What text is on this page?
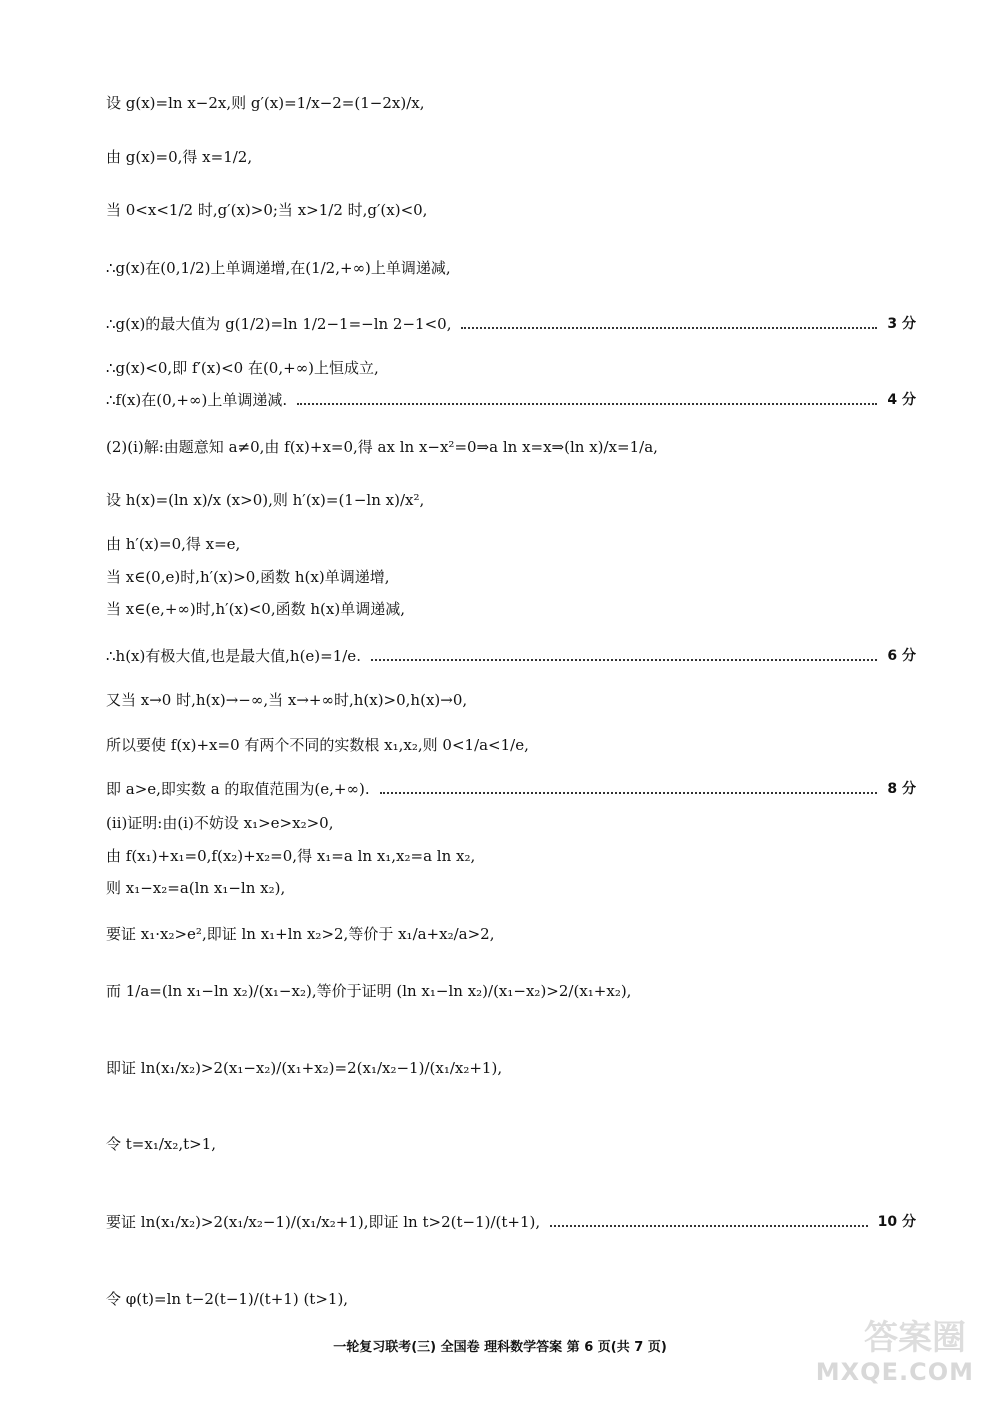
设 g(x)=ln x−2x,则 g′(x)=1/x−2=(1−2x)/x,
由 g(x)=0,得 x=1/2,
当 0<x<1/2 时,g′(x)>0;当 x>1/2 时,g′(x)<0,
∴g(x)在(0,1/2)上单调递增,在(1/2,+∞)上单调递减,
∴g(x)的最大值为 g(1/2)=ln 1/2−1=−ln 2−1<0,	3 分
∴g(x)<0,即 f′(x)<0 在(0,+∞)上恒成立,
∴f(x)在(0,+∞)上单调递减.	4 分
(2)(ⅰ)解:由题意知 a≠0,由 f(x)+x=0,得 ax ln x−x²=0⇒a ln x=x⇒(ln x)/x=1/a,
设 h(x)=(ln x)/x (x>0),则 h′(x)=(1−ln x)/x²,
由 h′(x)=0,得 x=e,
当 x∈(0,e)时,h′(x)>0,函数 h(x)单调递增,
当 x∈(e,+∞)时,h′(x)<0,函数 h(x)单调递减,
∴h(x)有极大值,也是最大值,h(e)=1/e.	6 分
又当 x→0 时,h(x)→−∞,当 x→+∞时,h(x)>0,h(x)→0,
所以要使 f(x)+x=0 有两个不同的实数根 x₁,x₂,则 0<1/a<1/e,
即 a>e,即实数 a 的取值范围为(e,+∞).	8 分
(ⅱ)证明:由(ⅰ)不妨设 x₁>e>x₂>0,
由 f(x₁)+x₁=0,f(x₂)+x₂=0,得 x₁=a ln x₁,x₂=a ln x₂,
则 x₁−x₂=a(ln x₁−ln x₂),
要证 x₁·x₂>e²,即证 ln x₁+ln x₂>2,等价于 x₁/a+x₂/a>2,
而 1/a=(ln x₁−ln x₂)/(x₁−x₂),等价于证明 (ln x₁−ln x₂)/(x₁−x₂)>2/(x₁+x₂),
即证 ln(x₁/x₂)>2(x₁−x₂)/(x₁+x₂)=2(x₁/x₂−1)/(x₁/x₂+1),
令 t=x₁/x₂,t>1,
要证 ln(x₁/x₂)>2(x₁/x₂−1)/(x₁/x₂+1),即证 ln t>2(t−1)/(t+1),	10 分
令 φ(t)=ln t−2(t−1)/(t+1) (t>1),
一轮复习联考(三) 全国卷 理科数学答案 第 6 页(共 7 页)	答案圈
MXQE.COM
